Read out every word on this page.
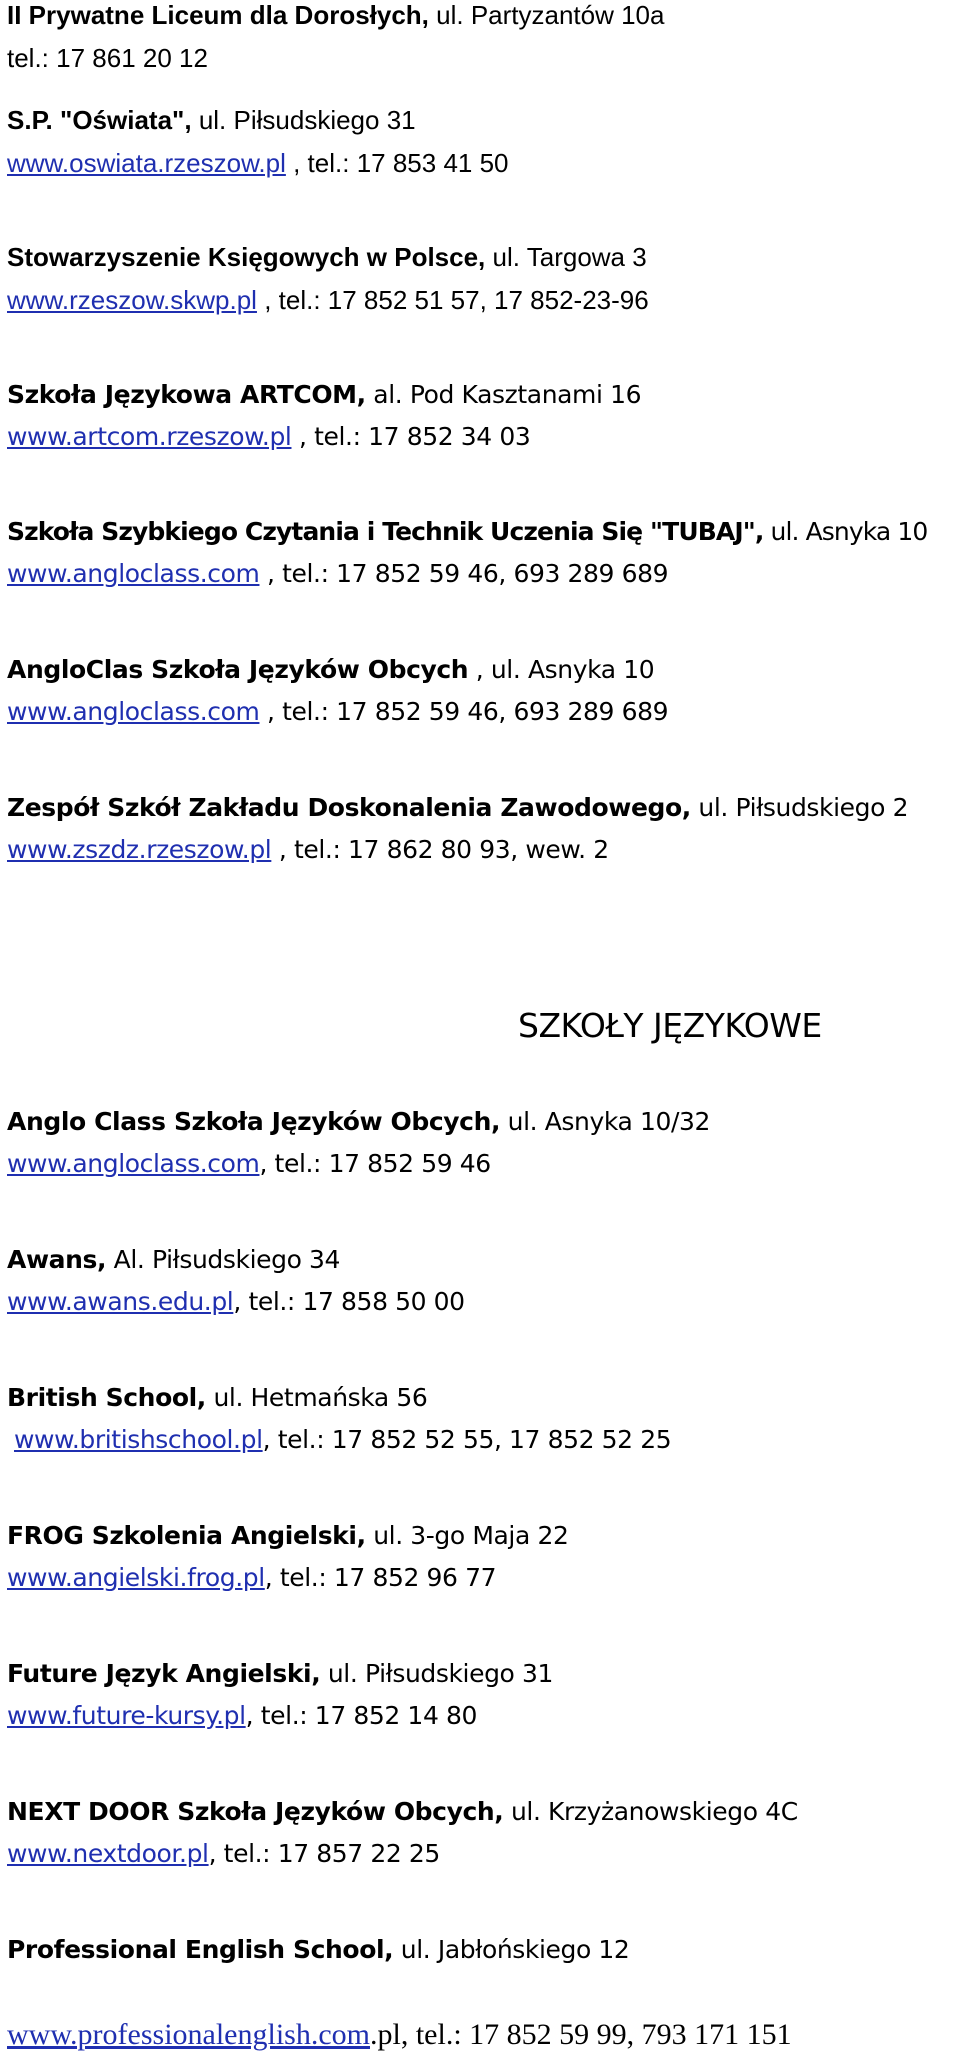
II Prywatne Liceum dla Dorosłych, ul. Partyzantów 10a
tel.: 17 861 20 12
S.P. "Oświata", ul. Piłsudskiego 31
www.oswiata.rzeszow.pl , tel.: 17 853 41 50
Stowarzyszenie Księgowych w Polsce, ul. Targowa 3
www.rzeszow.skwp.pl , tel.: 17 852 51 57, 17 852-23-96
Szkoła Językowa ARTCOM, al. Pod Kasztanami 16
www.artcom.rzeszow.pl , tel.: 17 852 34 03
Szkoła Szybkiego Czytania i Technik Uczenia Się "TUBAJ", ul. Asnyka 10
www.angloclass.com , tel.: 17 852 59 46, 693 289 689
AngloClas Szkoła Języków Obcych , ul. Asnyka 10
www.angloclass.com , tel.: 17 852 59 46, 693 289 689
Zespół Szkół Zakładu Doskonalenia Zawodowego, ul. Piłsudskiego 2
www.zszdz.rzeszow.pl , tel.: 17 862 80 93, wew. 2
SZKOŁY JĘZYKOWE
Anglo Class Szkoła Języków Obcych, ul. Asnyka 10/32
www.angloclass.com, tel.: 17 852 59 46
Awans, Al. Piłsudskiego 34
www.awans.edu.pl, tel.: 17 858 50 00
British School, ul. Hetmańska 56
www.britishschool.pl, tel.: 17 852 52 55, 17 852 52 25
FROG Szkolenia Angielski, ul. 3-go Maja 22
www.angielski.frog.pl, tel.: 17 852 96 77
Future Język Angielski, ul. Piłsudskiego 31
www.future-kursy.pl, tel.: 17 852 14 80
NEXT DOOR Szkoła Języków Obcych, ul. Krzyżanowskiego 4C
www.nextdoor.pl, tel.: 17 857 22 25
Professional English School, ul. Jabłońskiego 12
www.professionalenglish.com.pl, tel.: 17 852 59 99, 793 171 151
